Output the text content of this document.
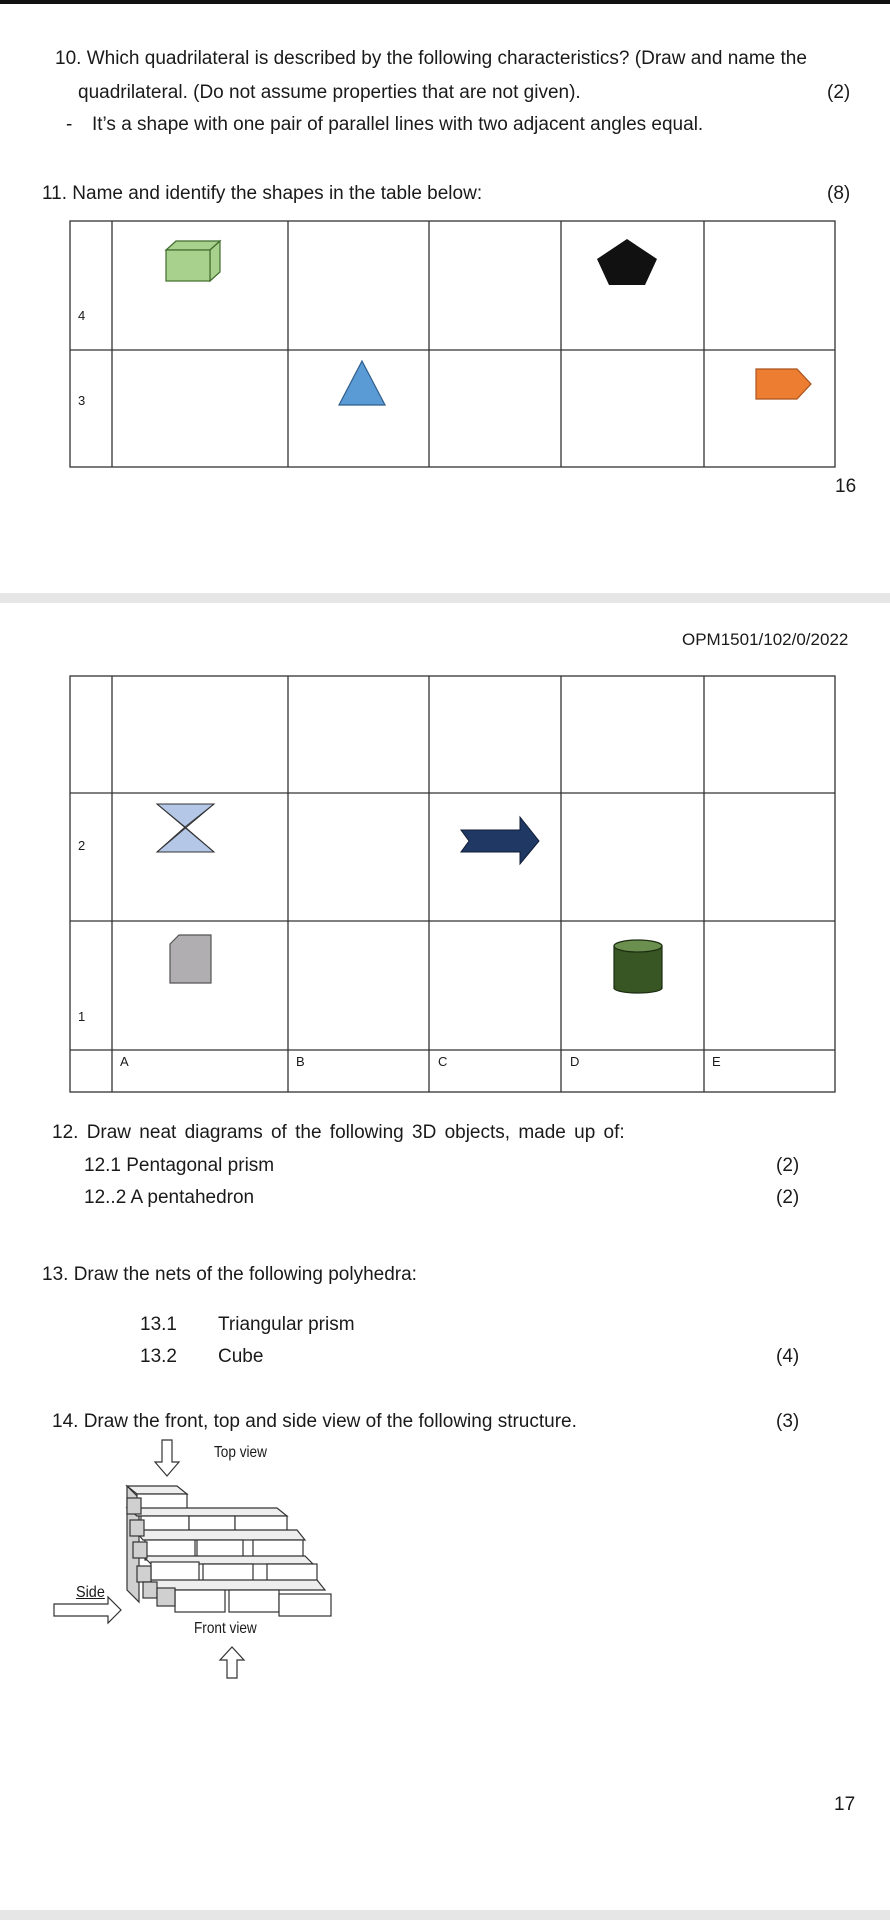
10. Which quadrilateral is described by the following characteristics? (Draw and name the
quadrilateral. (Do not assume properties that are not given).	(2)
- It’s a shape with one pair of parallel lines with two adjacent angles equal.
11. Name and identify the shapes in the table below:	(8)
4
3
16
OPM1501/102/0/2022
2
1
A	B	C	D	E
12. Draw neat diagrams of the following 3D objects, made up of:
12.1 Pentagonal prism	(2)
12..2 A pentahedron	(2)
13. Draw the nets of the following polyhedra:
13.1 Triangular prism
13.2 Cube	(4)
14. Draw the front, top and side view of the following structure.	(3)
Top view
Side
Front view
17
